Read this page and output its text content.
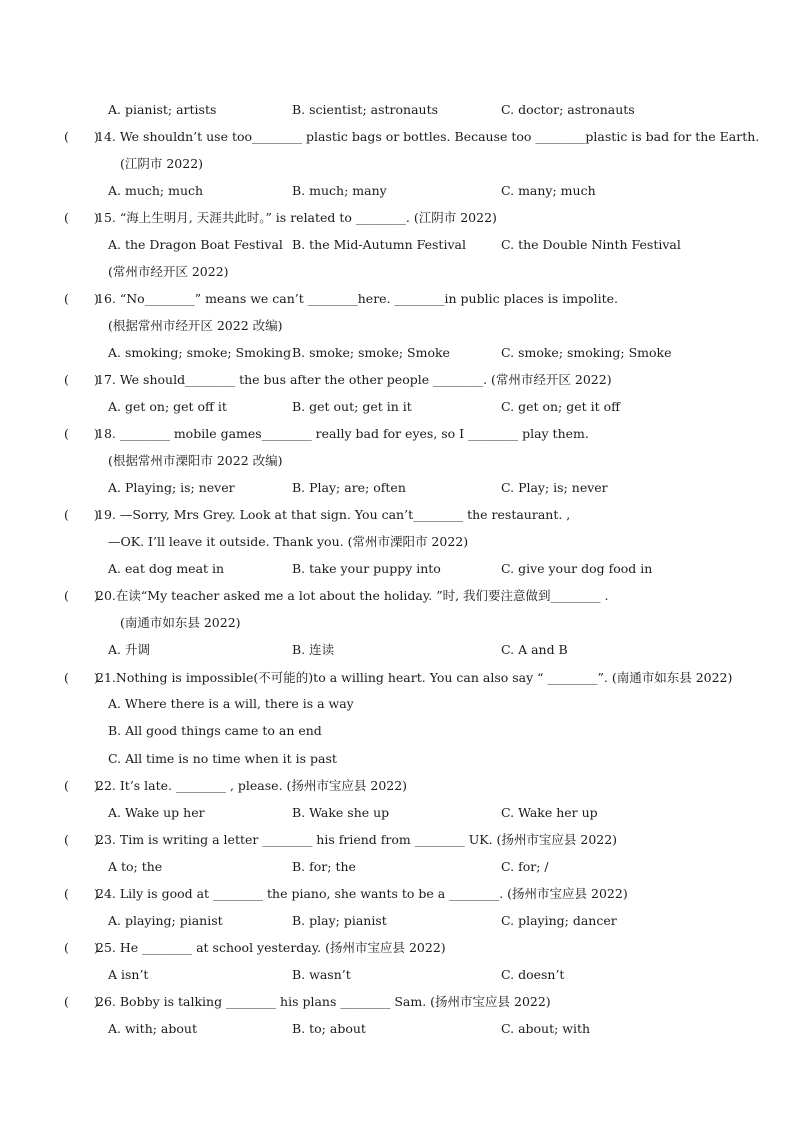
A. pianist; artists	B. scientist; astronauts	C. doctor; astronauts
(　　)
14. We shouldn’t use too________ plastic bags or bottles. Because too ________plastic is bad for the Earth.
(江阴市 2022)
A. much; much	B. much; many	C. many; much
(　　)
15. “海上生明月, 天涯共此时。” is related to ________. (江阴市 2022)
A. the Dragon Boat Festival B. the Mid-Autumn Festival	C. the Double Ninth Festival
(常州市经开区 2022)
(　　)
16. “No________” means we can’t ________here. ________in public places is impolite.
(根据常州市经开区 2022 改编)
A. smoking; smoke; Smoking B. smoke; smoke; Smoke	C. smoke; smoking; Smoke
(　　)
17. We should________ the bus after the other people ________. (常州市经开区 2022)
A. get on; get off it	B. get out; get in it	C. get on; get it off
(　　)
18. ________ mobile games________ really bad for eyes, so I ________ play them.
(根据常州市溧阳市 2022 改编)
A. Playing; is; never	B. Play; are; often	C. Play; is; never
(　　)
19. —Sorry, Mrs Grey. Look at that sign. You can’t________ the restaurant. ,
—OK. I’ll leave it outside. Thank you. (常州市溧阳市 2022)
A. eat dog meat in	B. take your puppy into	C. give your dog food in
(　　)
20.在读“My teacher asked me a lot about the holiday. ”时, 我们要注意做到________ .
(南通市如东县 2022)
A. 升调	B. 连读	C. A and B
(　　)
21.Nothing is impossible(不可能的)to a willing heart. You can also say “ ________”. (南通市如东县 2022)
A. Where there is a will, there is a way
B. All good things came to an end
C. All time is no time when it is past
(　　)
22. It’s late. ________ , please. (扬州市宝应县 2022)
A. Wake up her	B. Wake she up	C. Wake her up
(　　)
23. Tim is writing a letter ________ his friend from ________ UK. (扬州市宝应县 2022)
A to; the	B. for; the	C. for; /
(　　)
24. Lily is good at ________ the piano, she wants to be a ________. (扬州市宝应县 2022)
A. playing; pianist	B. play; pianist	C. playing; dancer
(　　)
25. He ________ at school yesterday. (扬州市宝应县 2022)
A isn’t	B. wasn’t	C. doesn’t
(　　)
26. Bobby is talking ________ his plans ________ Sam. (扬州市宝应县 2022)
A. with; about	B. to; about	C. about; with
